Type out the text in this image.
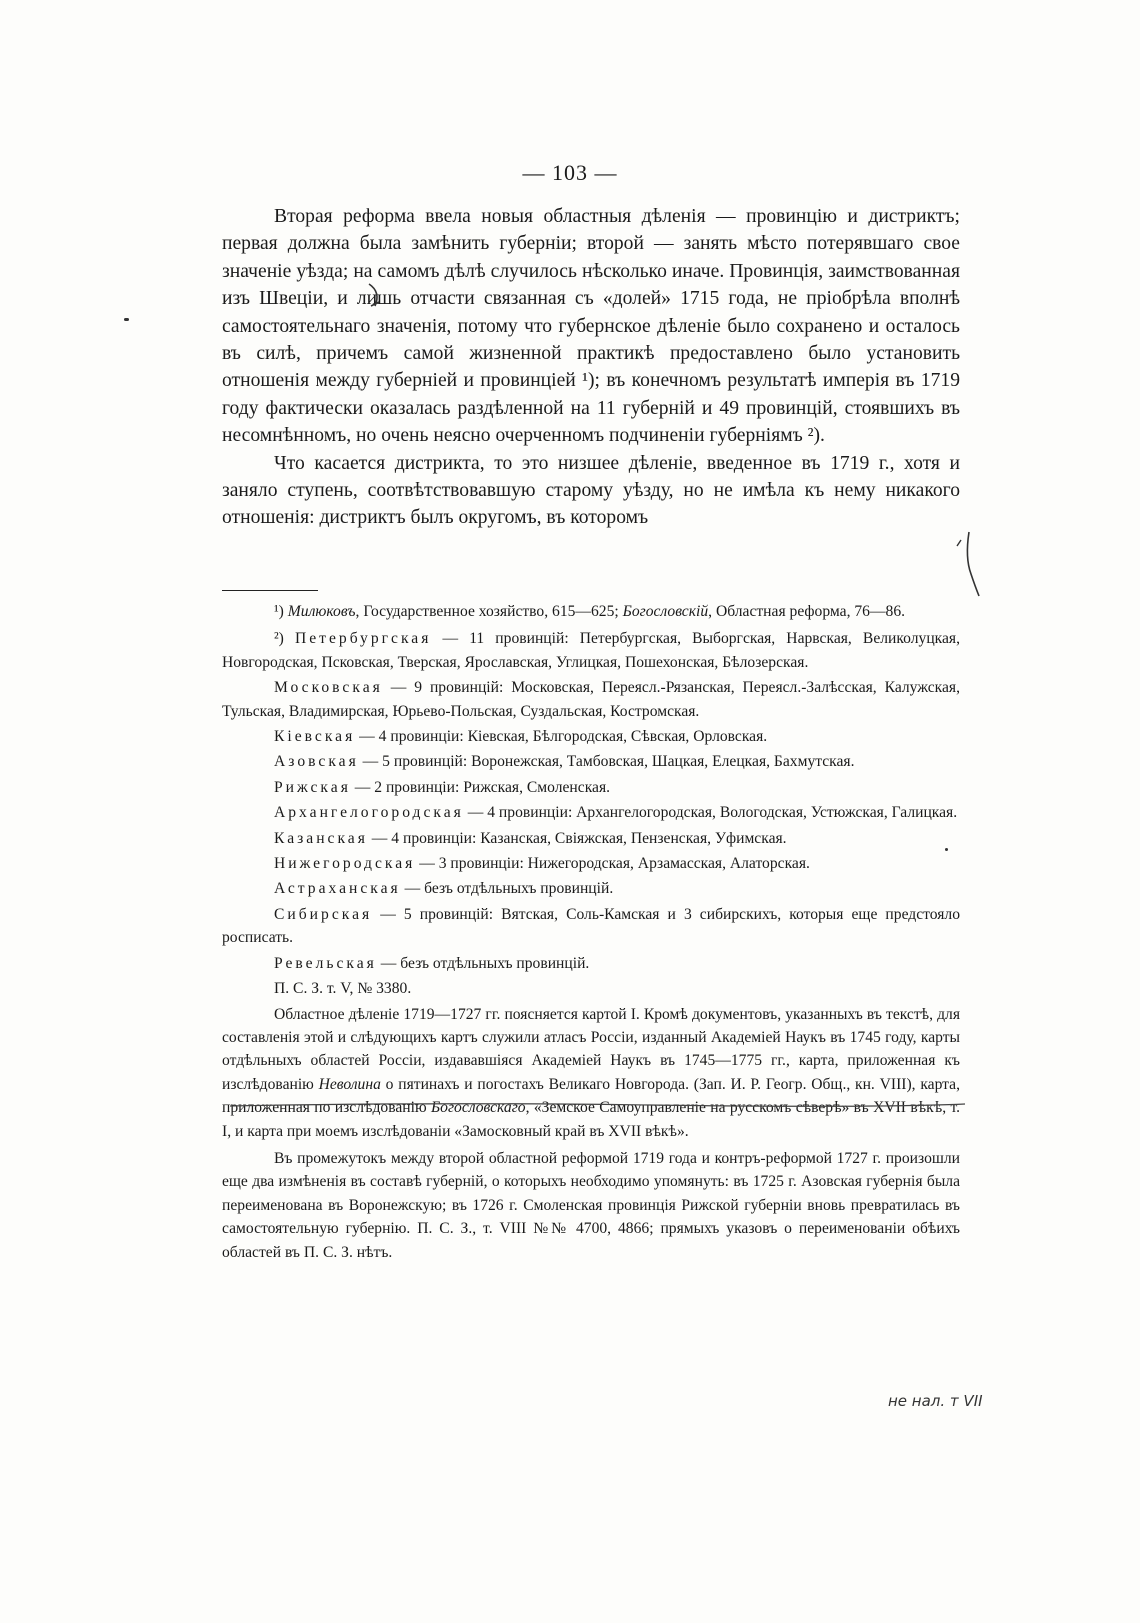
— 103 —

Вторая реформа ввела новыя областныя дѣленія — провинцію и дистриктъ; первая должна была замѣнить губерніи; второй — занять мѣсто потерявшаго свое значеніе уѣзда; на самомъ дѣлѣ случилось нѣсколько иначе. Провинція, заимствованная изъ Швеціи, и лишь отчасти связанная съ «долей» 1715 года, не пріобрѣла вполнѣ самостоятельнаго значенія, потому что губернское дѣленіе было сохранено и осталось въ силѣ, причемъ самой жизненной практикѣ предоставлено было установить отношенія между губерніей и провинціей ¹); въ конечномъ результатѣ имперія въ 1719 году фактически оказалась раздѣленной на 11 губерній и 49 провинцій, стоявшихъ въ несомнѣнномъ, но очень неясно очерченномъ подчиненіи губерніямъ ²).

Что касается дистрикта, то это низшее дѣленіе, введенное въ 1719 г., хотя и заняло ступень, соотвѣтствовавшую старому уѣзду, но не имѣла къ нему никакого отношенія: дистриктъ былъ округомъ, въ которомъ

¹) Милюковъ, Государственное хозяйство, 615—625; Богословскій, Областная реформа, 76—86.

²) Петербургская — 11 провинцій: Петербургская, Выборгская, Нарвская, Великолуцкая, Новгородская, Псковская, Тверская, Ярославская, Углицкая, Пошехонская, Бѣлозерская.

Московская — 9 провинцій: Московская, Переясл.-Рязанская, Переясл.-Залѣсская, Калужская, Тульская, Владимирская, Юрьево-Польская, Суздальская, Костромская.

Кіевская — 4 провинціи: Кіевская, Бѣлгородская, Сѣвская, Орловская.

Азовская — 5 провинцій: Воронежская, Тамбовская, Шацкая, Елецкая, Бахмутская.

Рижская — 2 провинціи: Рижская, Смоленская.

Архангелогородская — 4 провинціи: Архангелогородская, Вологодская, Устюжская, Галицкая.

Казанская — 4 провинціи: Казанская, Свіяжская, Пензенская, Уфимская.

Нижегородская — 3 провинціи: Нижегородская, Арзамасская, Алаторская.

Астраханская — безъ отдѣльныхъ провинцій.

Сибирская — 5 провинцій: Вятская, Соль-Камская и 3 сибирскихъ, которыя еще предстояло росписать.

Ревельская — безъ отдѣльныхъ провинцій.

П. С. З. т. V, № 3380.

Областное дѣленіе 1719—1727 гг. поясняется картой I. Кромѣ документовъ, указанныхъ въ текстѣ, для составленія этой и слѣдующихъ картъ служили атласъ Россіи, изданный Академіей Наукъ въ 1745 году, карты отдѣльныхъ областей Россіи, издававшіяся Академіей Наукъ въ 1745—1775 гг., карта, приложенная къ изслѣдованію Неволина о пятинахъ и погостахъ Великаго Новгорода. (Зап. И. Р. Геогр. Общ., кн. VIII), карта, приложенная по изслѣдованію Богословскаго, «Земское Самоуправленіе на русскомъ сѣверѣ» въ XVII вѣкѣ, т. I, и карта при моемъ изслѣдованіи «Замосковный край въ XVII вѣкѣ».

Въ промежутокъ между второй областной реформой 1719 года и контръ-реформой 1727 г. произошли еще два измѣненія въ составѣ губерній, о которыхъ необходимо упомянуть: въ 1725 г. Азовская губернія была переименована въ Воронежскую; въ 1726 г. Смоленская провинція Рижской губерніи вновь превратилась въ самостоятельную губернію. П. С. З., т. VIII №№ 4700, 4866; прямыхъ указовъ о переименованіи обѣихъ областей въ П. С. З. нѣтъ.

не нал. т VII
